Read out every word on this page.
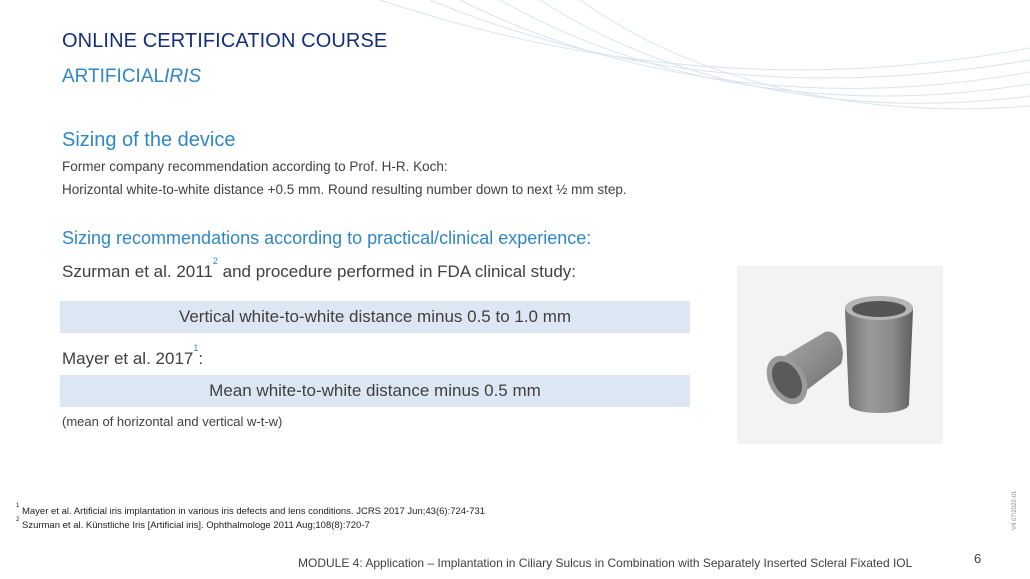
ONLINE CERTIFICATION COURSE
ARTIFICIALIRIS
Sizing of the device
Former company recommendation according to Prof. H-R. Koch:
Horizontal white-to-white distance +0.5 mm. Round resulting number down to next ½ mm step.
Sizing recommendations according to practical/clinical experience:
Szurman et al. 2011$^2$ and procedure performed in FDA clinical study:
Vertical white-to-white distance minus 0.5 to 1.0 mm
Mayer et al. 2017$^1$:
Mean white-to-white distance minus 0.5 mm
(mean of horizontal and vertical w-t-w)
$^1$ Mayer et al. Artificial iris implantation in various iris defects and lens conditions. JCRS 2017 Jun;43(6):724-731
$^2$ Szurman et al. Künstliche Iris [Artificial iris]. Ophthalmologe 2011 Aug;108(8):720-7
MODULE 4: Application – Implantation in Ciliary Sulcus in Combination with Separately Inserted Scleral Fixated IOL	6
V4 07/2022-01
